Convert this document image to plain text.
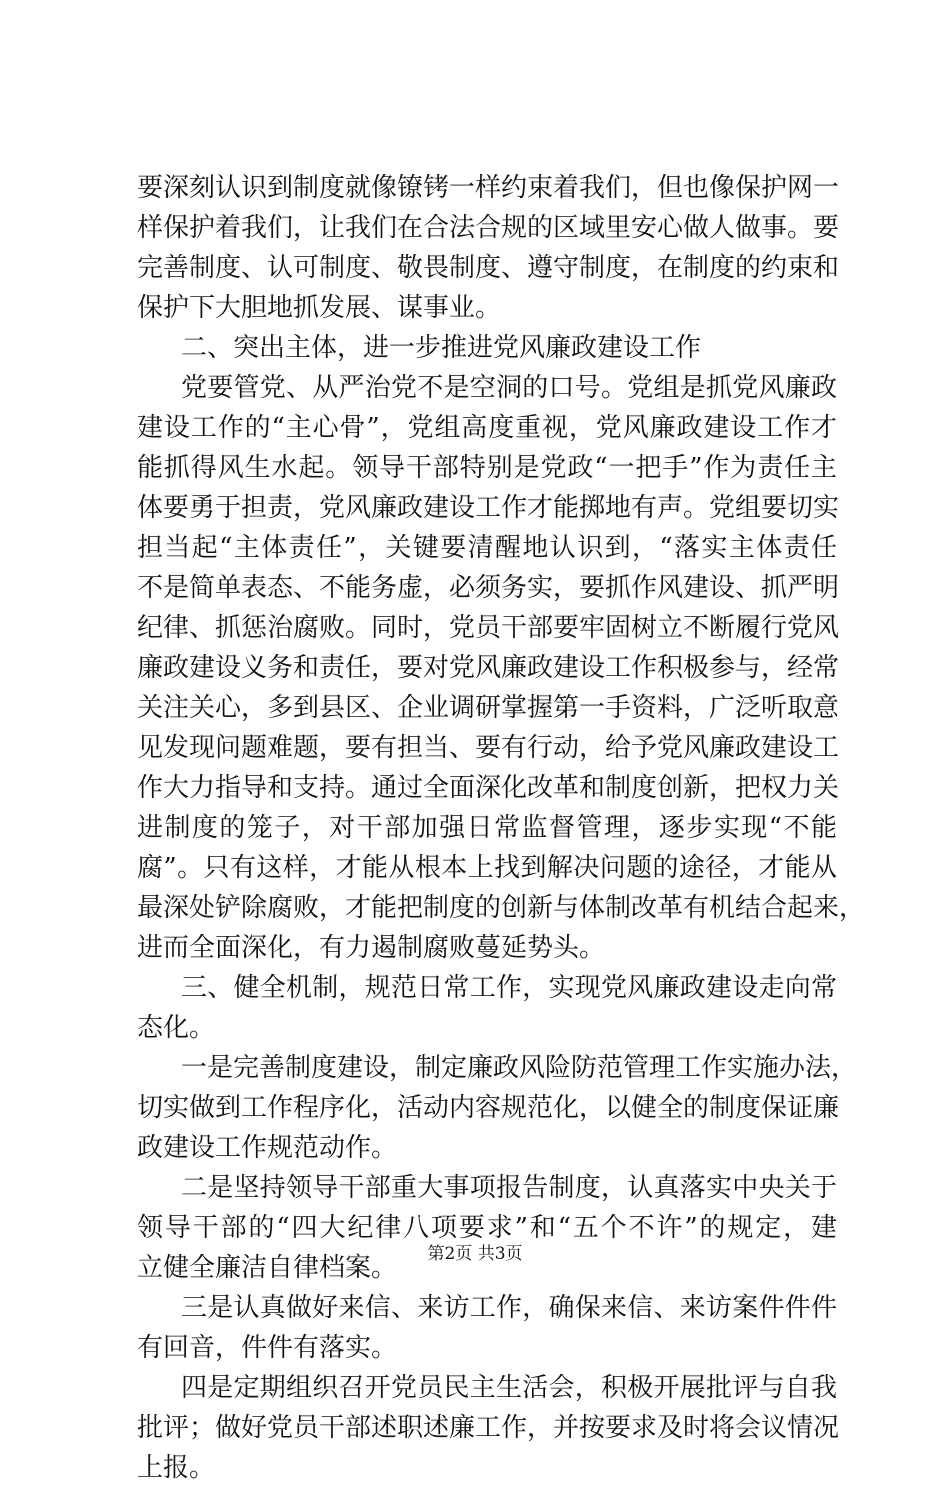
要深刻认识到制度就像镣铐一样约束着我们，但也像保护网一
样保护着我们，让我们在合法合规的区域里安心做人做事。要
完善制度、认可制度、敬畏制度、遵守制度，在制度的约束和
保护下大胆地抓发展、谋事业。
二、突出主体，进一步推进党风廉政建设工作
党要管党、从严治党不是空洞的口号。党组是抓党风廉政
建设工作的“主心骨”，党组高度重视，党风廉政建设工作才
能抓得风生水起。领导干部特别是党政“一把手”作为责任主
体要勇于担责，党风廉政建设工作才能掷地有声。党组要切实
担当起“主体责任”，关键要清醒地认识到，“落实主体责任
不是简单表态、不能务虚，必须务实，要抓作风建设、抓严明
纪律、抓惩治腐败。同时，党员干部要牢固树立不断履行党风
廉政建设义务和责任，要对党风廉政建设工作积极参与，经常
关注关心，多到县区、企业调研掌握第一手资料，广泛听取意
见发现问题难题，要有担当、要有行动，给予党风廉政建设工
作大力指导和支持。通过全面深化改革和制度创新，把权力关
进制度的笼子，对干部加强日常监督管理，逐步实现“不能
腐”。只有这样，才能从根本上找到解决问题的途径，才能从
最深处铲除腐败，才能把制度的创新与体制改革有机结合起来，
进而全面深化，有力遏制腐败蔓延势头。
三、健全机制，规范日常工作，实现党风廉政建设走向常
态化。
一是完善制度建设，制定廉政风险防范管理工作实施办法，
切实做到工作程序化，活动内容规范化，以健全的制度保证廉
政建设工作规范动作。
二是坚持领导干部重大事项报告制度，认真落实中央关于
领导干部的“四大纪律八项要求”和“五个不许”的规定，建
立健全廉洁自律档案。
三是认真做好来信、来访工作，确保来信、来访案件件件
有回音，件件有落实。
四是定期组织召开党员民主生活会，积极开展批评与自我
批评；做好党员干部述职述廉工作，并按要求及时将会议情况
上报。
第2页 共3页
